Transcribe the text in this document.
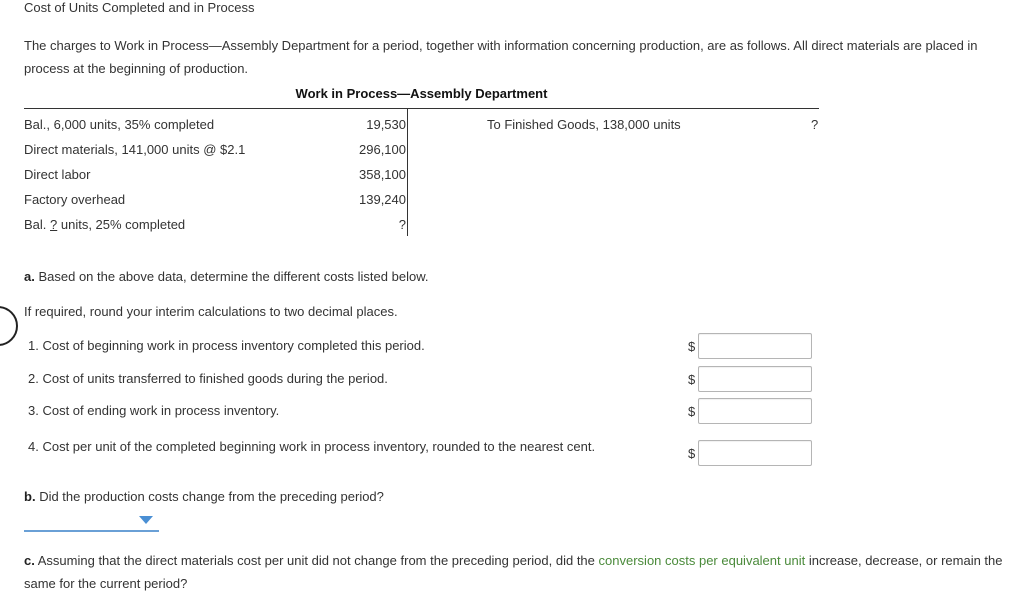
Cost of Units Completed and in Process
The charges to Work in Process—Assembly Department for a period, together with information concerning production, are as follows. All direct materials are placed in process at the beginning of production.
Work in Process—Assembly Department
Bal., 6,000 units, 35% completed	19,530
Direct materials, 141,000 units @ $2.1	296,100
Direct labor	358,100
Factory overhead	139,240
Bal. ? units, 25% completed	?
To Finished Goods, 138,000 units	?
a. Based on the above data, determine the different costs listed below.
If required, round your interim calculations to two decimal places.
1. Cost of beginning work in process inventory completed this period.	$
2. Cost of units transferred to finished goods during the period.	$
3. Cost of ending work in process inventory.	$
4. Cost per unit of the completed beginning work in process inventory, rounded to the nearest cent.	$
b. Did the production costs change from the preceding period?
c. Assuming that the direct materials cost per unit did not change from the preceding period, did the conversion costs per equivalent unit increase, decrease, or remain the same for the current period?
